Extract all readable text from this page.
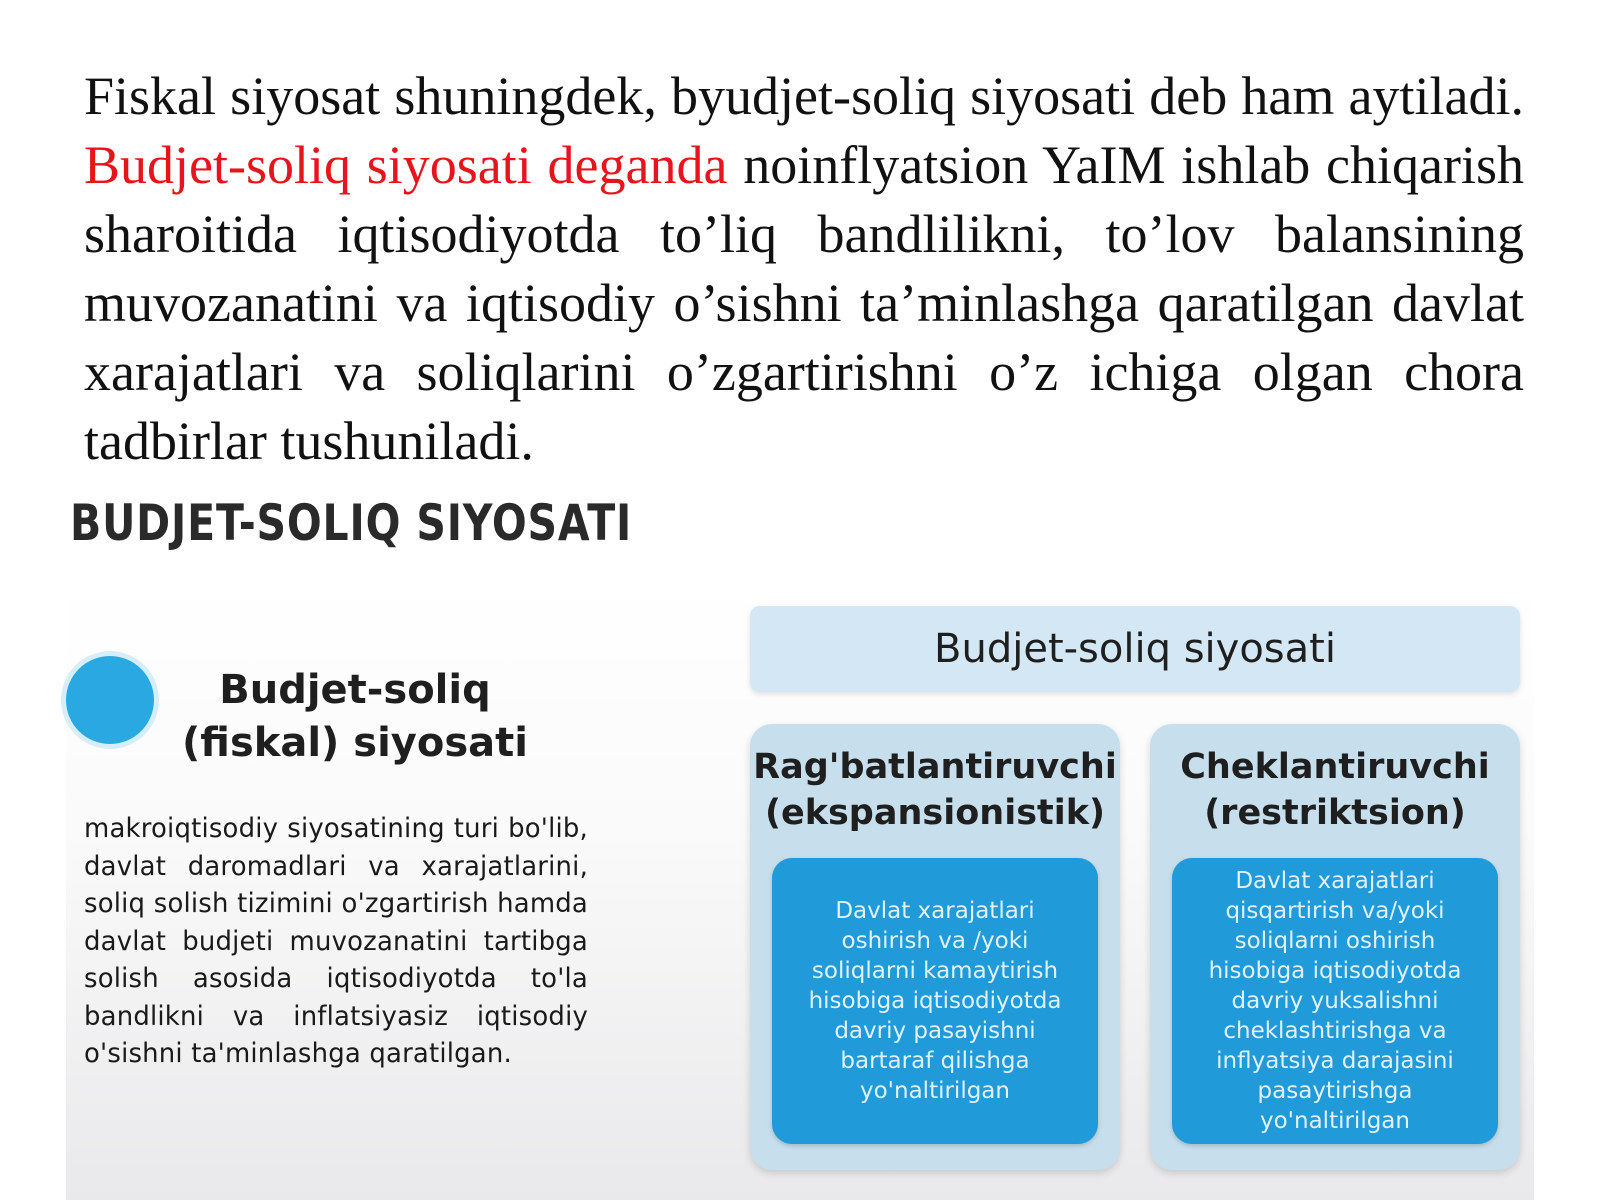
Fiskal siyosat shuningdek, byudjet-soliq siyosati deb ham aytiladi. Budjet-soliq siyosati deganda noinflyatsion YaIM ishlab chiqarish sharoitida iqtisodiyotda to’liq bandlilikni, to’lov balansining muvozanatini va iqtisodiy o’sishni ta’minlashga qaratilgan davlat xarajatlari va soliqlarini o’zgartirishni o’z ichiga olgan chora tadbirlar tushuniladi.

BUDJET-SOLIQ SIYOSATI
Budjet-soliq
(fiskal) siyosati

makroiqtisodiy siyosatining turi bo'lib, davlat daromadlari va xarajatlarini, soliq solish tizimini o'zgartirish hamda davlat budjeti muvozanatini tartibga solish asosida iqtisodiyotda to'la bandlikni va inflatsiyasiz iqtisodiy o'sishni ta'minlashga qaratilgan.

Budjet-soliq siyosati
Rag'batlantiruvchi
(ekspansionistik)

Davlat xarajatlari oshirish va /yoki soliqlarni kamaytirish hisobiga iqtisodiyotda davriy pasayishni bartaraf qilishga yo'naltirilgan

Cheklantiruvchi
(restriktsion)

Davlat xarajatlari qisqartirish va/yoki soliqlarni oshirish hisobiga iqtisodiyotda davriy yuksalishni cheklashtirishga va inflyatsiya darajasini pasaytirishga yo'naltirilgan
